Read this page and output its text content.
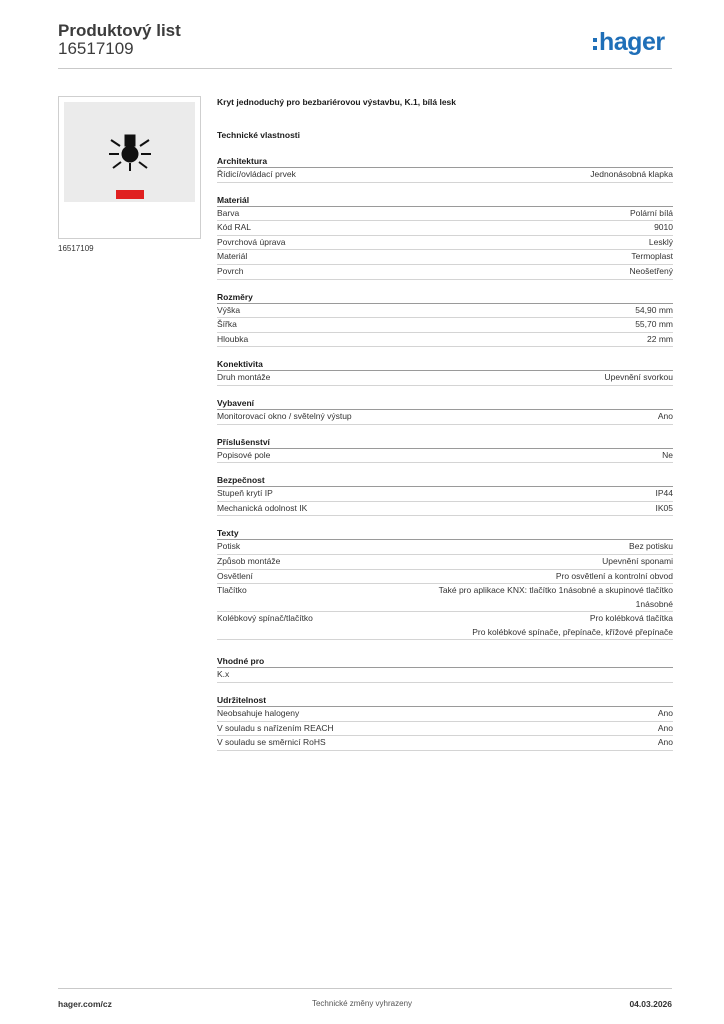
Produktový list
16517109	hager
16517109
Kryt jednoduchý pro bezbariérovou výstavbu, K.1, bílá lesk
Technické vlastnosti
Architektura
Řídicí/ovládací prvek	Jednonásobná klapka
Materiál
Barva	Polární bílá
Kód RAL	9010
Povrchová úprava	Lesklý
Materiál	Termoplast
Povrch	Neošetřený
Rozměry
Výška	54,90 mm
Šířka	55,70 mm
Hloubka	22 mm
Konektivita
Druh montáže	Upevnění svorkou
Vybavení
Monitorovací okno / světelný výstup	Ano
Příslušenství
Popisové pole	Ne
Bezpečnost
Stupeň krytí IP	IP44
Mechanická odolnost IK	IK05
Texty
Potisk	Bez potisku
Způsob montáže	Upevnění sponami
Osvětlení	Pro osvětlení a kontrolní obvod
Tlačítko	Také pro aplikace KNX: tlačítko 1násobné a skupinové tlačítko 1násobné
Kolébkový spínač/tlačítko	Pro kolébková tlačítka
Pro kolébkové spínače, přepínače, křížové přepínače
Vhodné pro
K.x
Udržitelnost
Neobsahuje halogeny	Ano
V souladu s nařízením REACH	Ano
V souladu se směrnicí RoHS	Ano
hager.com/cz	Technické změny vyhrazeny	04.03.2026
